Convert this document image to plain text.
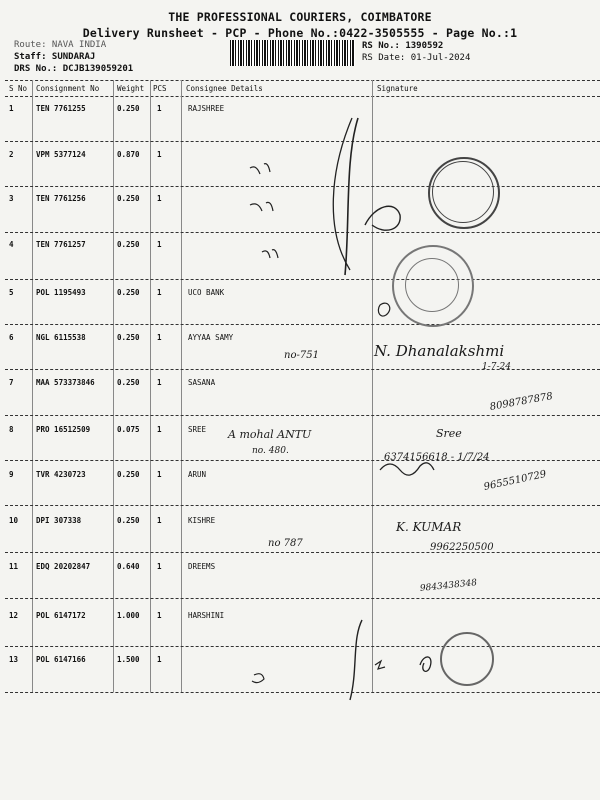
THE PROFESSIONAL COURIERS, COIMBATORE
Delivery Runsheet - PCP - Phone No.:0422-3505555 - Page No.:1
Route: NAVA INDIA
Staff: SUNDARAJ
DRS No.: DCJB139059201
RS No.: 1390592
RS Date: 01-Jul-2024
S No Consignment No Weight PCS	Consignee Details	Signature
1	TEN 7761255	0.250 1	RAJSHREE
2	VPM 5377124	0.870 1
3	TEN 7761256	0.250 1
4	TEN 7761257	0.250 1
5	POL 1195493	0.250 1	UCO BANK
6	NGL 6115538	0.250 1	AYYAA SAMY
7	MAA 573373846	0.250 1	SASANA
8	PRO 16512509	0.075 1	SREE
9	TVR 4230723	0.250 1	ARUN
10 DPI 307338	0.250 1	KISHRE
11 EDQ 20202847	0.640 1	DREEMS
12 POL 6147172	1.000 1	HARSHINI
13 POL 6147166	1.500 1
no-751	N. Dhanalakshmi
1-7-24
8098787878
A mohal ANTU
no. 480.
Sree
6374156618 - 1/7/24
9655510729
K. KUMAR
9962250500
no 787
9843438348
